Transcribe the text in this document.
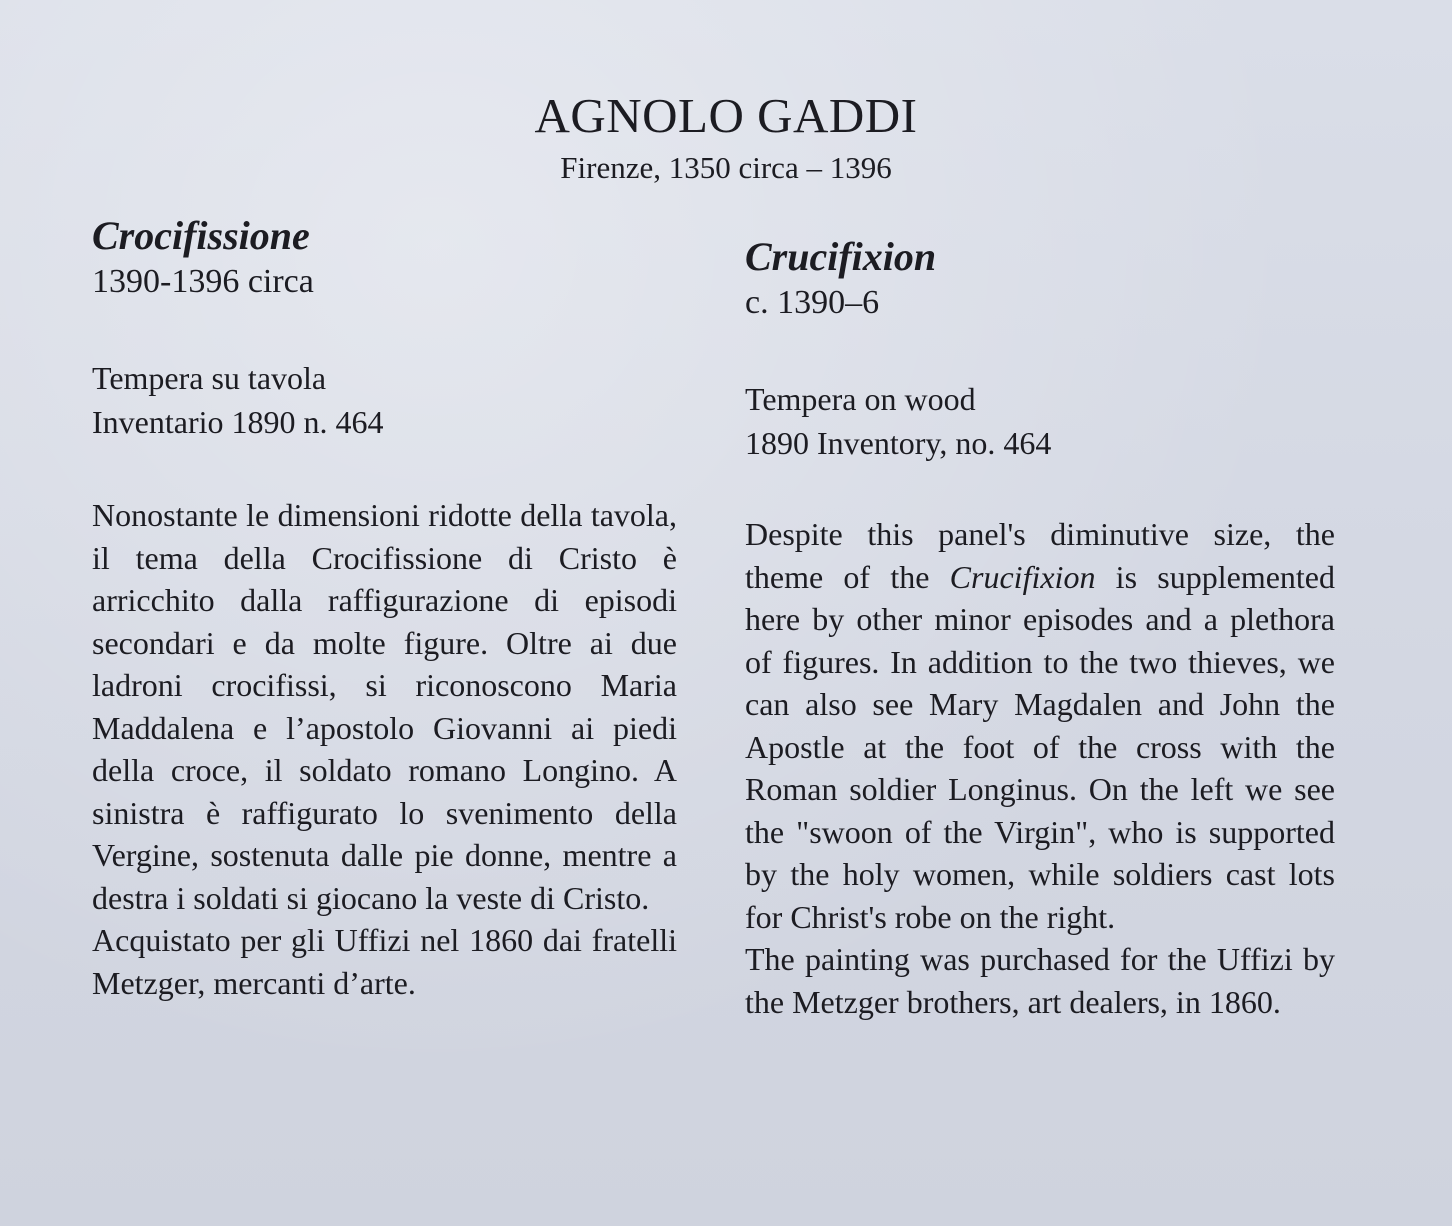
AGNOLO GADDI
Firenze, 1350 circa – 1396
Crocifissione
1390-1396 circa
Tempera su tavola
Inventario 1890 n. 464

Nonostante le dimensioni ridotte della tavola, il tema della Crocifissione di Cristo è arricchito dalla raffigurazione di episodi secondari e da molte figure. Oltre ai due ladroni crocifissi, si riconoscono Maria Maddalena e l’apostolo Giovanni ai piedi della croce, il soldato romano Longino. A sinistra è raffigurato lo svenimento della Vergine, sostenuta dalle pie donne, mentre a destra i soldati si giocano la veste di Cristo.

Acquistato per gli Uffizi nel 1860 dai fratelli Metzger, mercanti d’arte.

Crucifixion
c. 1390–6
Tempera on wood
1890 Inventory, no. 464

Despite this panel's diminutive size, the theme of the Crucifixion is supplemented here by other minor episodes and a plethora of figures. In addition to the two thieves, we can also see Mary Magdalen and John the Apostle at the foot of the cross with the Roman soldier Longinus. On the left we see the "swoon of the Virgin", who is supported by the holy women, while soldiers cast lots for Christ's robe on the right.

The painting was purchased for the Uffizi by the Metzger brothers, art dealers, in 1860.
